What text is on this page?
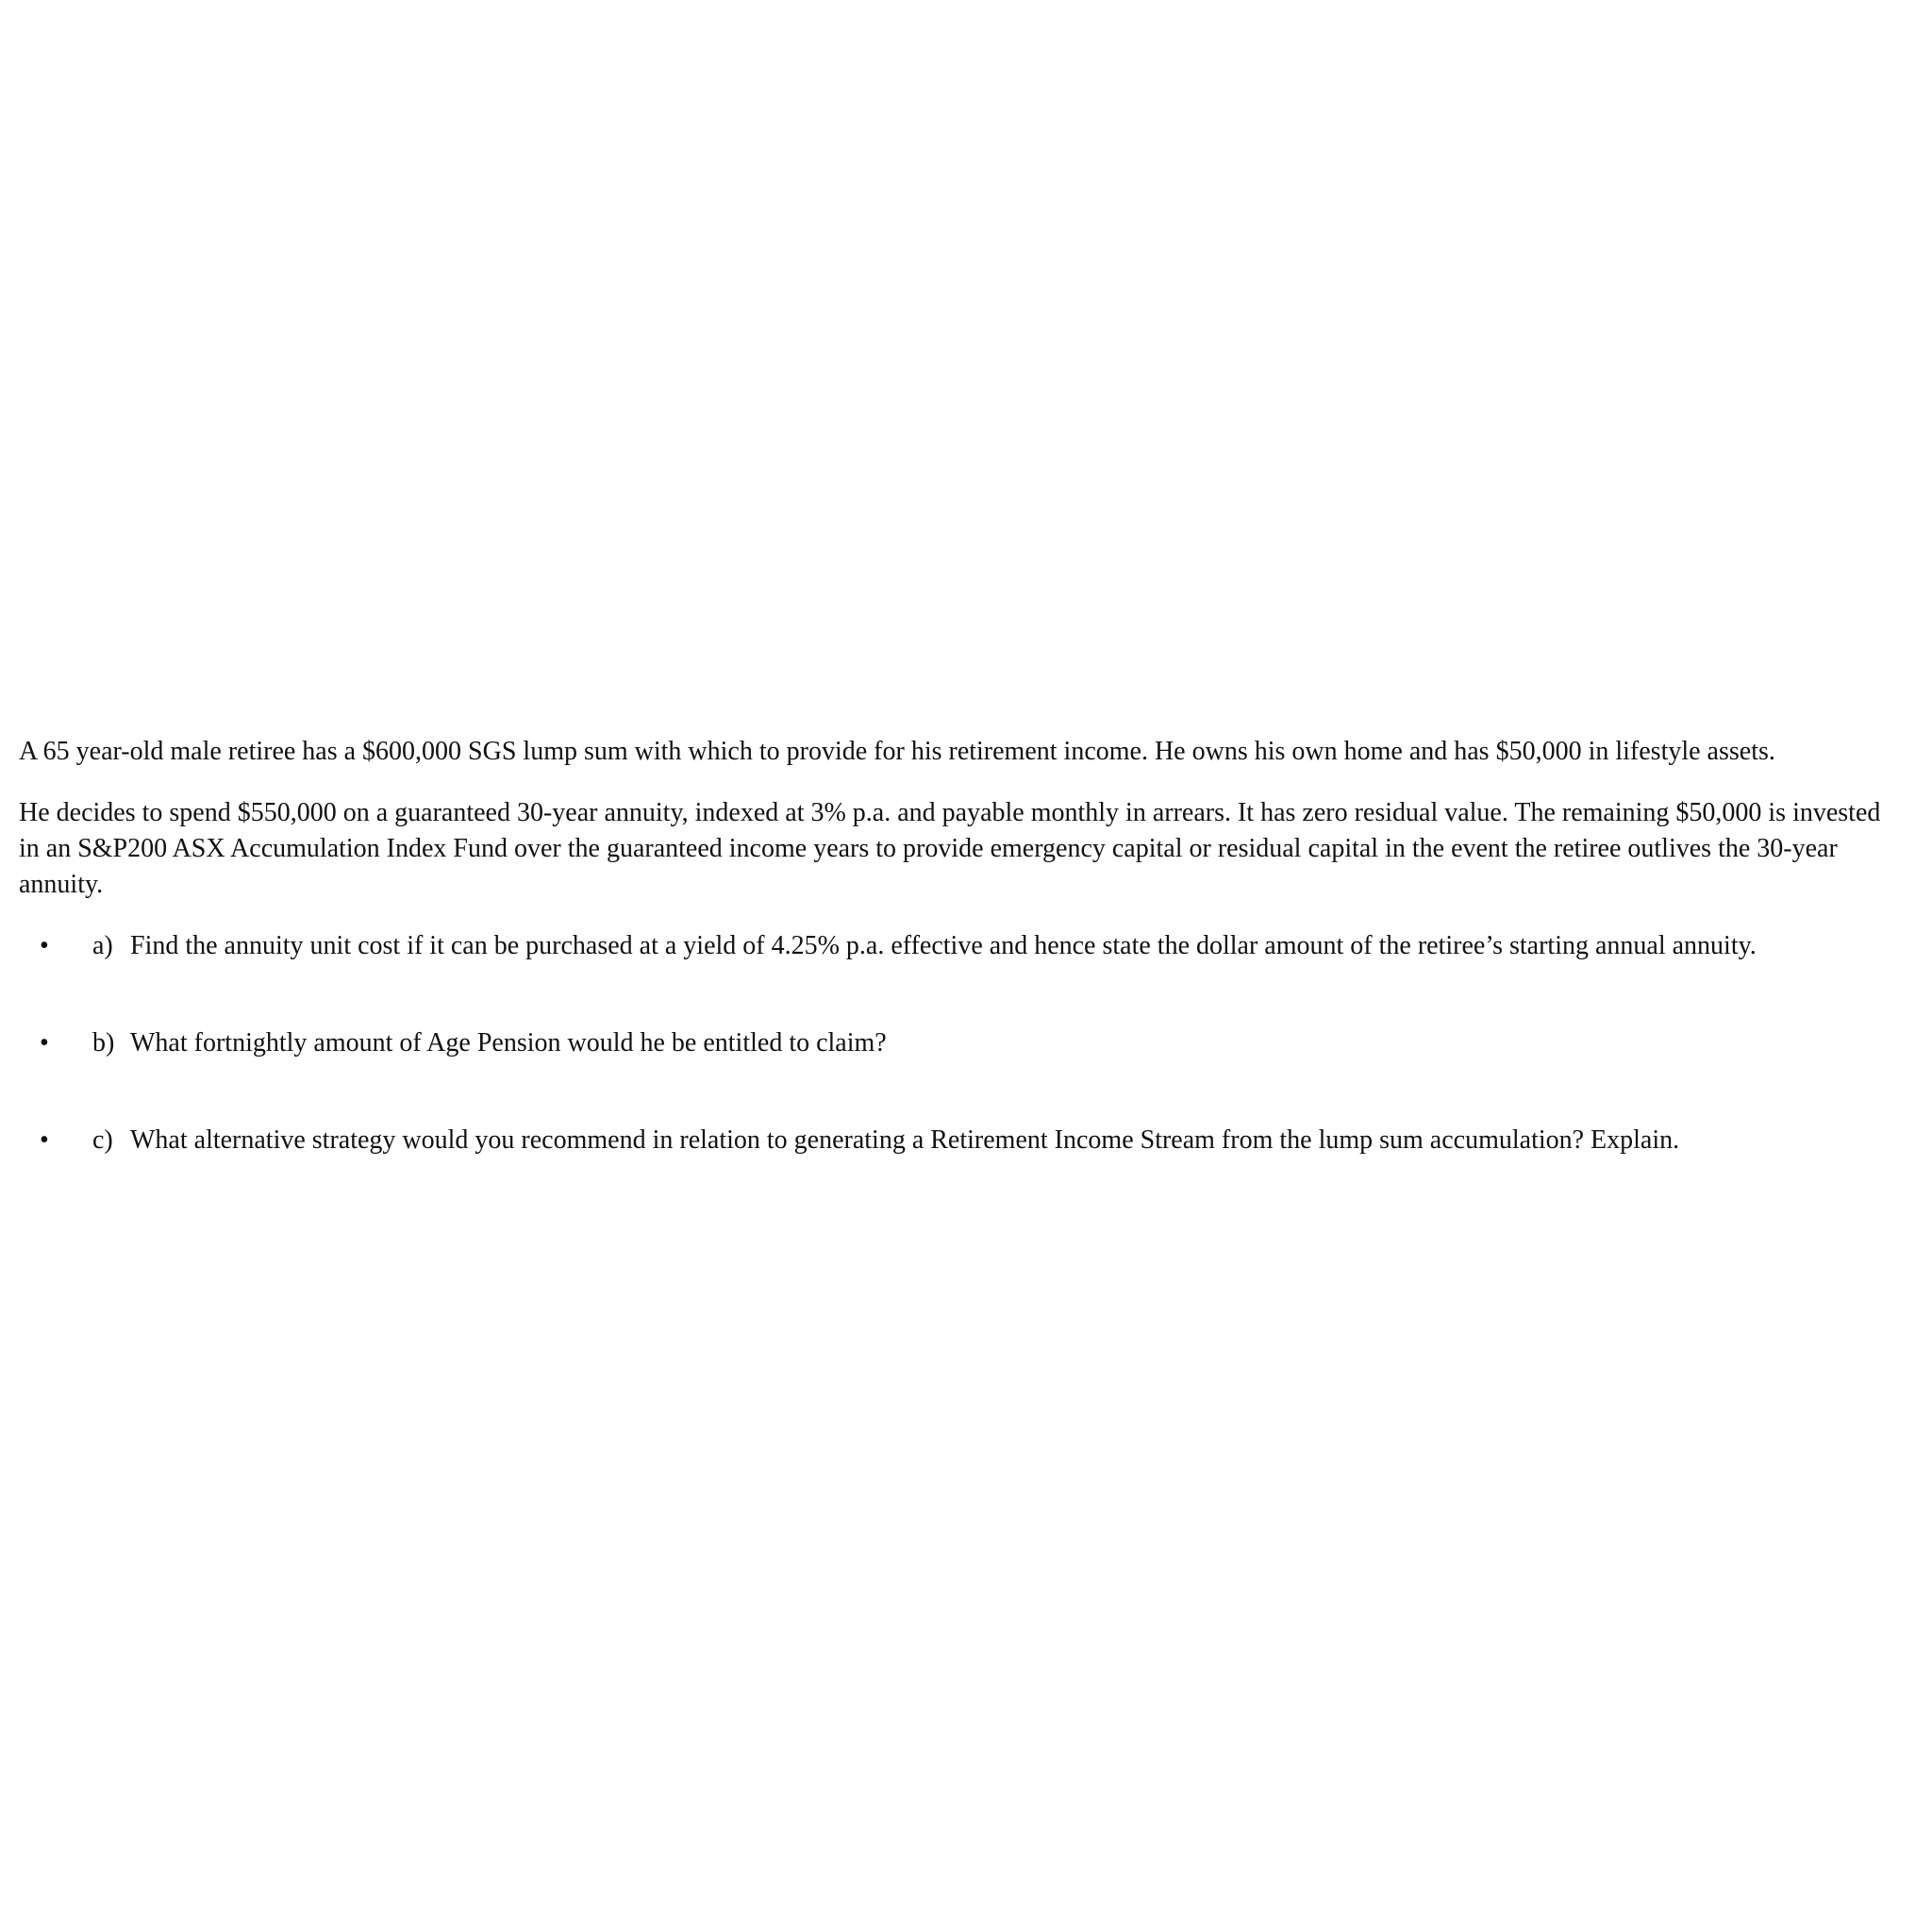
A 65 year-old male retiree has a $600,000 SGS lump sum with which to provide for his retirement income. He owns his own home and has $50,000 in lifestyle assets.

He decides to spend $550,000 on a guaranteed 30-year annuity, indexed at 3% p.a. and payable monthly in arrears. It has zero residual value. The remaining $50,000 is invested in an S&P200 ASX Accumulation Index Fund over the guaranteed income years to provide emergency capital or residual capital in the event the retiree outlives the 30-year annuity.

• a) Find the annuity unit cost if it can be purchased at a yield of 4.25% p.a. effective and hence state the dollar amount of the retiree’s starting annual annuity.
• b) What fortnightly amount of Age Pension would he be entitled to claim?
• c) What alternative strategy would you recommend in relation to generating a Retirement Income Stream from the lump sum accumulation? Explain.
